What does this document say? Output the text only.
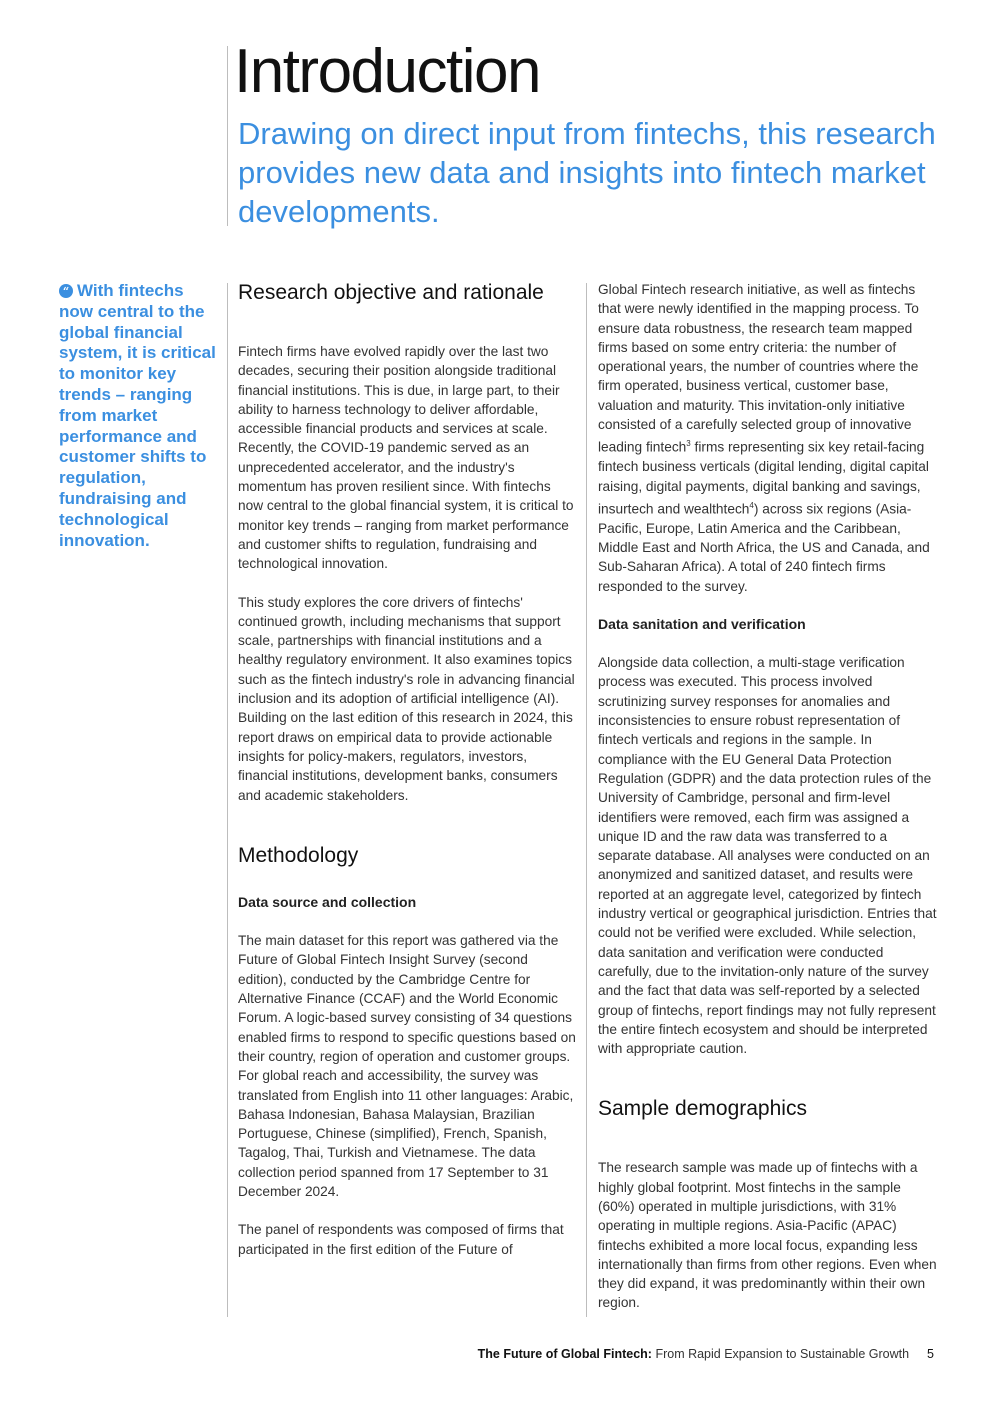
Introduction

Drawing on direct input from fintechs, this research provides new data and insights into fintech market developments.

“ With fintechs now central to the global financial system, it is critical to monitor key trends – ranging from market performance and customer shifts to regulation, fundraising and technological innovation.
Research objective and rationale

Fintech firms have evolved rapidly over the last two decades, securing their position alongside traditional financial institutions. This is due, in large part, to their ability to harness technology to deliver affordable, accessible financial products and services at scale. Recently, the COVID-19 pandemic served as an unprecedented accelerator, and the industry's momentum has proven resilient since. With fintechs now central to the global financial system, it is critical to monitor key trends – ranging from market performance and customer shifts to regulation, fundraising and technological innovation.

This study explores the core drivers of fintechs' continued growth, including mechanisms that support scale, partnerships with financial institutions and a healthy regulatory environment. It also examines topics such as the fintech industry's role in advancing financial inclusion and its adoption of artificial intelligence (AI). Building on the last edition of this research in 2024, this report draws on empirical data to provide actionable insights for policy-makers, regulators, investors, financial institutions, development banks, consumers and academic stakeholders.

Methodology
Data source and collection

The main dataset for this report was gathered via the Future of Global Fintech Insight Survey (second edition), conducted by the Cambridge Centre for Alternative Finance (CCAF) and the World Economic Forum. A logic-based survey consisting of 34 questions enabled firms to respond to specific questions based on their country, region of operation and customer groups. For global reach and accessibility, the survey was translated from English into 11 other languages: Arabic, Bahasa Indonesian, Bahasa Malaysian, Brazilian Portuguese, Chinese (simplified), French, Spanish, Tagalog, Thai, Turkish and Vietnamese. The data collection period spanned from 17 September to 31 December 2024.

The panel of respondents was composed of firms that participated in the first edition of the Future of

Global Fintech research initiative, as well as fintechs that were newly identified in the mapping process. To ensure data robustness, the research team mapped firms based on some entry criteria: the number of operational years, the number of countries where the firm operated, business vertical, customer base, valuation and maturity. This invitation-only initiative consisted of a carefully selected group of innovative leading fintech$^3$ firms representing six key retail-facing fintech business verticals (digital lending, digital capital raising, digital payments, digital banking and savings, insurtech and wealthtech$^4$) across six regions (Asia-Pacific, Europe, Latin America and the Caribbean, Middle East and North Africa, the US and Canada, and Sub-Saharan Africa). A total of 240 fintech firms responded to the survey.

Data sanitation and verification

Alongside data collection, a multi-stage verification process was executed. This process involved scrutinizing survey responses for anomalies and inconsistencies to ensure robust representation of fintech verticals and regions in the sample. In compliance with the EU General Data Protection Regulation (GDPR) and the data protection rules of the University of Cambridge, personal and firm-level identifiers were removed, each firm was assigned a unique ID and the raw data was transferred to a separate database. All analyses were conducted on an anonymized and sanitized dataset, and results were reported at an aggregate level, categorized by fintech industry vertical or geographical jurisdiction. Entries that could not be verified were excluded. While selection, data sanitation and verification were conducted carefully, due to the invitation-only nature of the survey and the fact that data was self-reported by a selected group of fintechs, report findings may not fully represent the entire fintech ecosystem and should be interpreted with appropriate caution.

Sample demographics

The research sample was made up of fintechs with a highly global footprint. Most fintechs in the sample (60%) operated in multiple jurisdictions, with 31% operating in multiple regions. Asia-Pacific (APAC) fintechs exhibited a more local focus, expanding less internationally than firms from other regions. Even when they did expand, it was predominantly within their own region.

The Future of Global Fintech: From Rapid Expansion to Sustainable Growth 5
